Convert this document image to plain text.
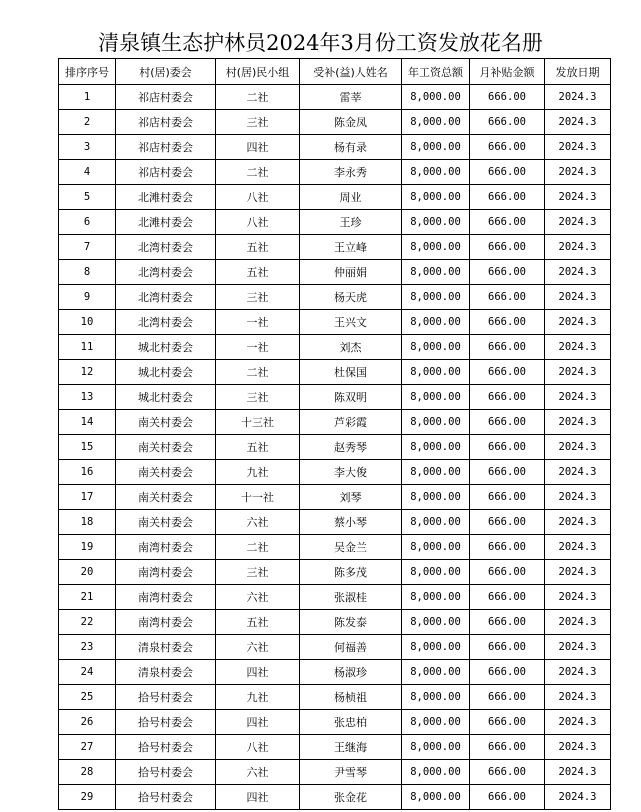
清泉镇生态护林员2024年3月份工资发放花名册
排序序号	村(居)委会	村(居)民小组	受补(益)人姓名	年工资总额	月补贴金额	发放日期
1	祁店村委会	二社	雷莘	8,000.00	666.00	2024.3
2	祁店村委会	三社	陈金凤	8,000.00	666.00	2024.3
3	祁店村委会	四社	杨有录	8,000.00	666.00	2024.3
4	祁店村委会	二社	李永秀	8,000.00	666.00	2024.3
5	北滩村委会	八社	周业	8,000.00	666.00	2024.3
6	北滩村委会	八社	王珍	8,000.00	666.00	2024.3
7	北湾村委会	五社	王立峰	8,000.00	666.00	2024.3
8	北湾村委会	五社	仲丽娟	8,000.00	666.00	2024.3
9	北湾村委会	三社	杨天虎	8,000.00	666.00	2024.3
10	北湾村委会	一社	王兴文	8,000.00	666.00	2024.3
11	城北村委会	一社	刘杰	8,000.00	666.00	2024.3
12	城北村委会	二社	杜保国	8,000.00	666.00	2024.3
13	城北村委会	三社	陈双明	8,000.00	666.00	2024.3
14	南关村委会	十三社	芦彩霞	8,000.00	666.00	2024.3
15	南关村委会	五社	赵秀琴	8,000.00	666.00	2024.3
16	南关村委会	九社	李大俊	8,000.00	666.00	2024.3
17	南关村委会	十一社	刘琴	8,000.00	666.00	2024.3
18	南关村委会	六社	蔡小琴	8,000.00	666.00	2024.3
19	南湾村委会	二社	吴金兰	8,000.00	666.00	2024.3
20	南湾村委会	三社	陈多茂	8,000.00	666.00	2024.3
21	南湾村委会	六社	张淑桂	8,000.00	666.00	2024.3
22	南湾村委会	五社	陈发泰	8,000.00	666.00	2024.3
23	清泉村委会	六社	何福善	8,000.00	666.00	2024.3
24	清泉村委会	四社	杨淑珍	8,000.00	666.00	2024.3
25	拾号村委会	九社	杨桢祖	8,000.00	666.00	2024.3
26	拾号村委会	四社	张忠柏	8,000.00	666.00	2024.3
27	拾号村委会	八社	王继海	8,000.00	666.00	2024.3
28	拾号村委会	六社	尹雪琴	8,000.00	666.00	2024.3
29	拾号村委会	四社	张金花	8,000.00	666.00	2024.3
